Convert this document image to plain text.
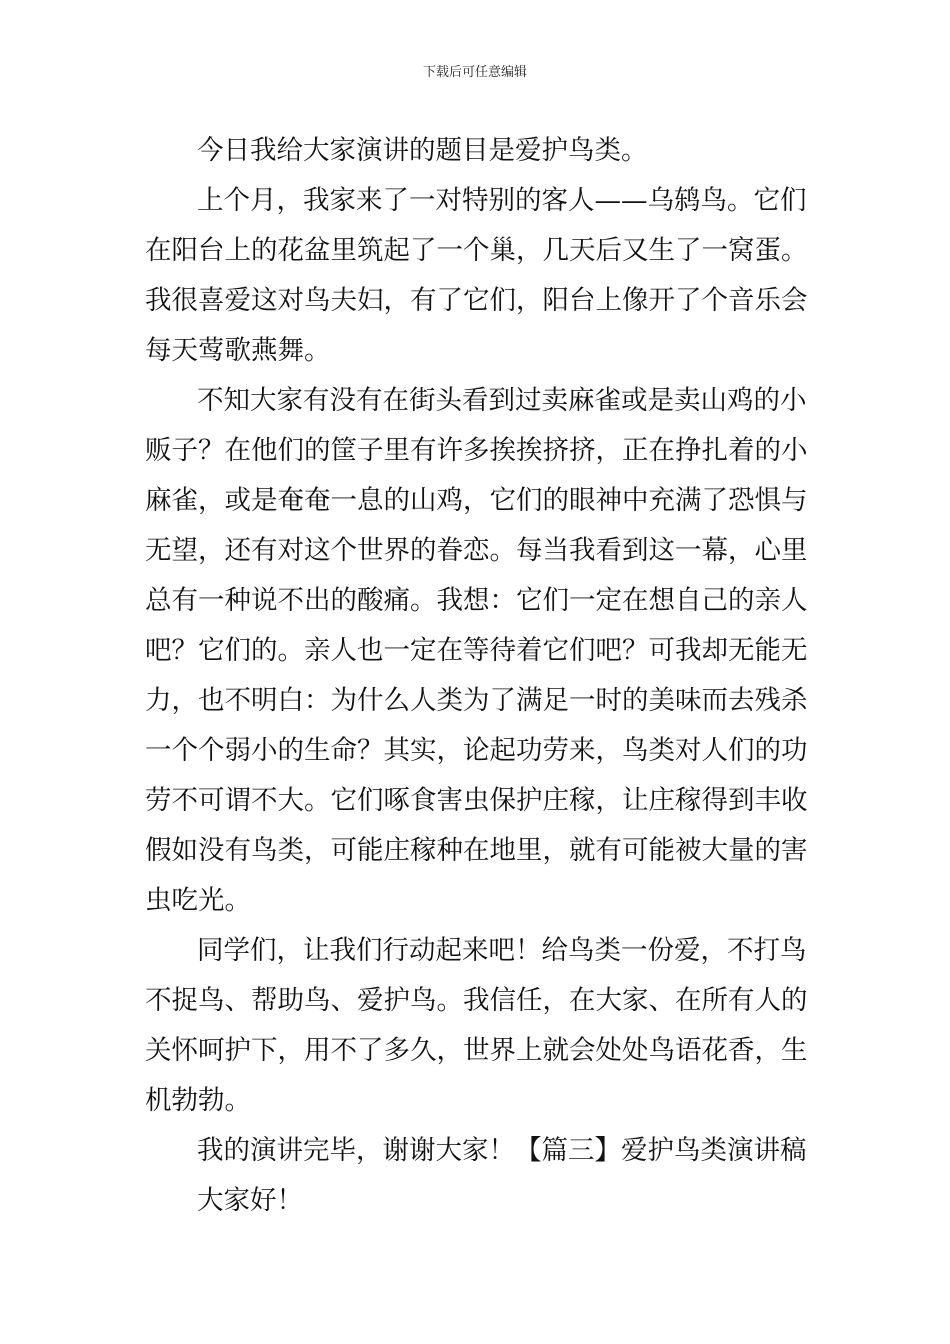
下载后可任意编辑
今日我给大家演讲的题目是爱护鸟类。
上个月，我家来了一对特别的客人——乌鸫鸟。它们
在阳台上的花盆里筑起了一个巢，几天后又生了一窝蛋。
我很喜爱这对鸟夫妇，有了它们，阳台上像开了个音乐会
每天莺歌燕舞。
不知大家有没有在街头看到过卖麻雀或是卖山鸡的小
贩子？在他们的筐子里有许多挨挨挤挤，正在挣扎着的小
麻雀，或是奄奄一息的山鸡，它们的眼神中充满了恐惧与
无望，还有对这个世界的眷恋。每当我看到这一幕，心里
总有一种说不出的酸痛。我想：它们一定在想自己的亲人
吧？它们的。亲人也一定在等待着它们吧？可我却无能无
力，也不明白：为什么人类为了满足一时的美味而去残杀
一个个弱小的生命？其实，论起功劳来，鸟类对人们的功
劳不可谓不大。它们啄食害虫保护庄稼，让庄稼得到丰收
假如没有鸟类，可能庄稼种在地里，就有可能被大量的害
虫吃光。
同学们，让我们行动起来吧！给鸟类一份爱，不打鸟
不捉鸟、帮助鸟、爱护鸟。我信任，在大家、在所有人的
关怀呵护下，用不了多久，世界上就会处处鸟语花香，生
机勃勃。
我的演讲完毕，谢谢大家！【篇三】爱护鸟类演讲稿
大家好！
